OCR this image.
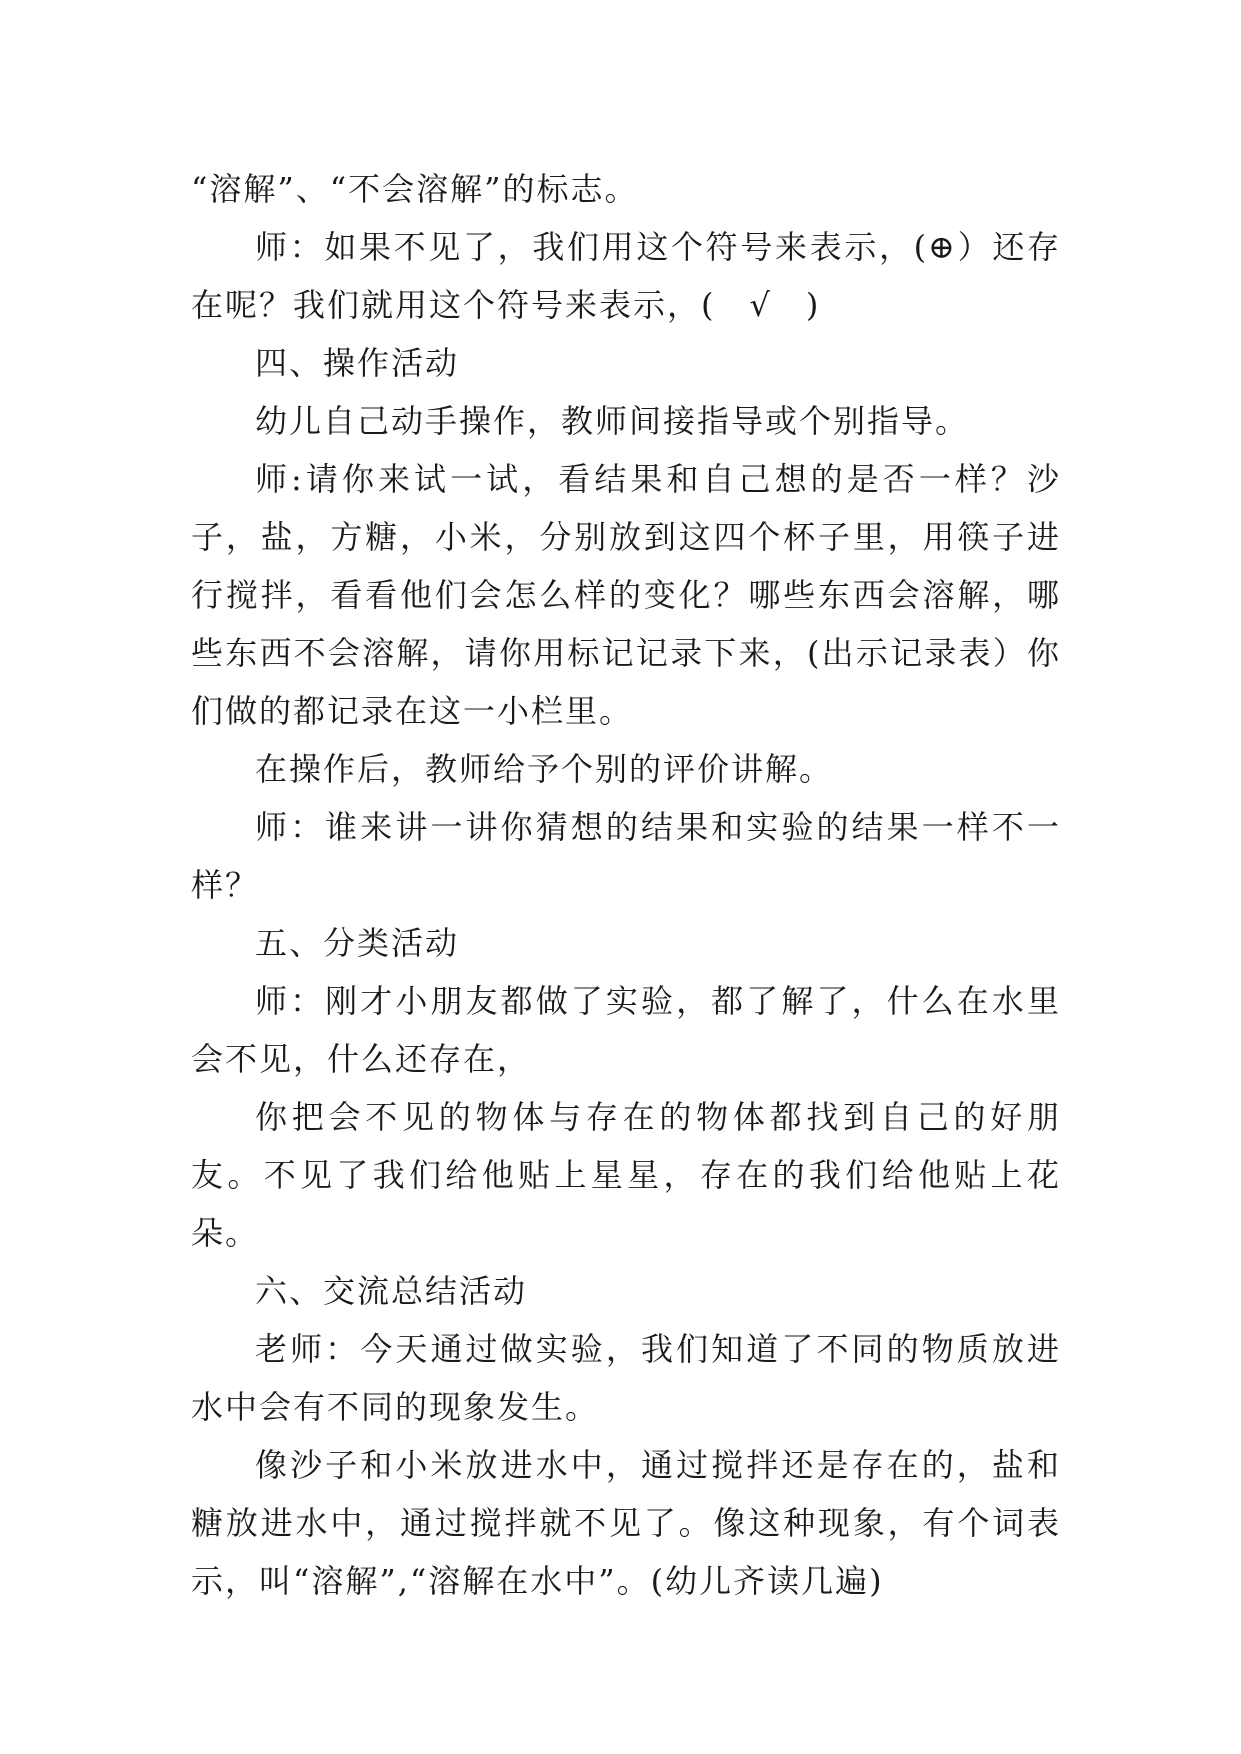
“溶解”、“不会溶解”的标志。

师：如果不见了，我们用这个符号来表示，(⊕）还存在呢？我们就用这个符号来表示，(　√　)

四、操作活动

幼儿自己动手操作，教师间接指导或个别指导。

师:请你来试一试，看结果和自己想的是否一样？沙子，盐，方糖，小米，分别放到这四个杯子里，用筷子进行搅拌，看看他们会怎么样的变化？哪些东西会溶解，哪些东西不会溶解，请你用标记记录下来，(出示记录表）你们做的都记录在这一小栏里。

在操作后，教师给予个别的评价讲解。

师：谁来讲一讲你猜想的结果和实验的结果一样不一样？

五、分类活动

师：刚才小朋友都做了实验，都了解了，什么在水里会不见，什么还存在，

你把会不见的物体与存在的物体都找到自己的好朋友。不见了我们给他贴上星星，存在的我们给他贴上花朵。

六、交流总结活动

老师：今天通过做实验，我们知道了不同的物质放进水中会有不同的现象发生。

像沙子和小米放进水中，通过搅拌还是存在的，盐和糖放进水中，通过搅拌就不见了。像这种现象，有个词表示，叫“溶解”,“溶解在水中”。(幼儿齐读几遍)
